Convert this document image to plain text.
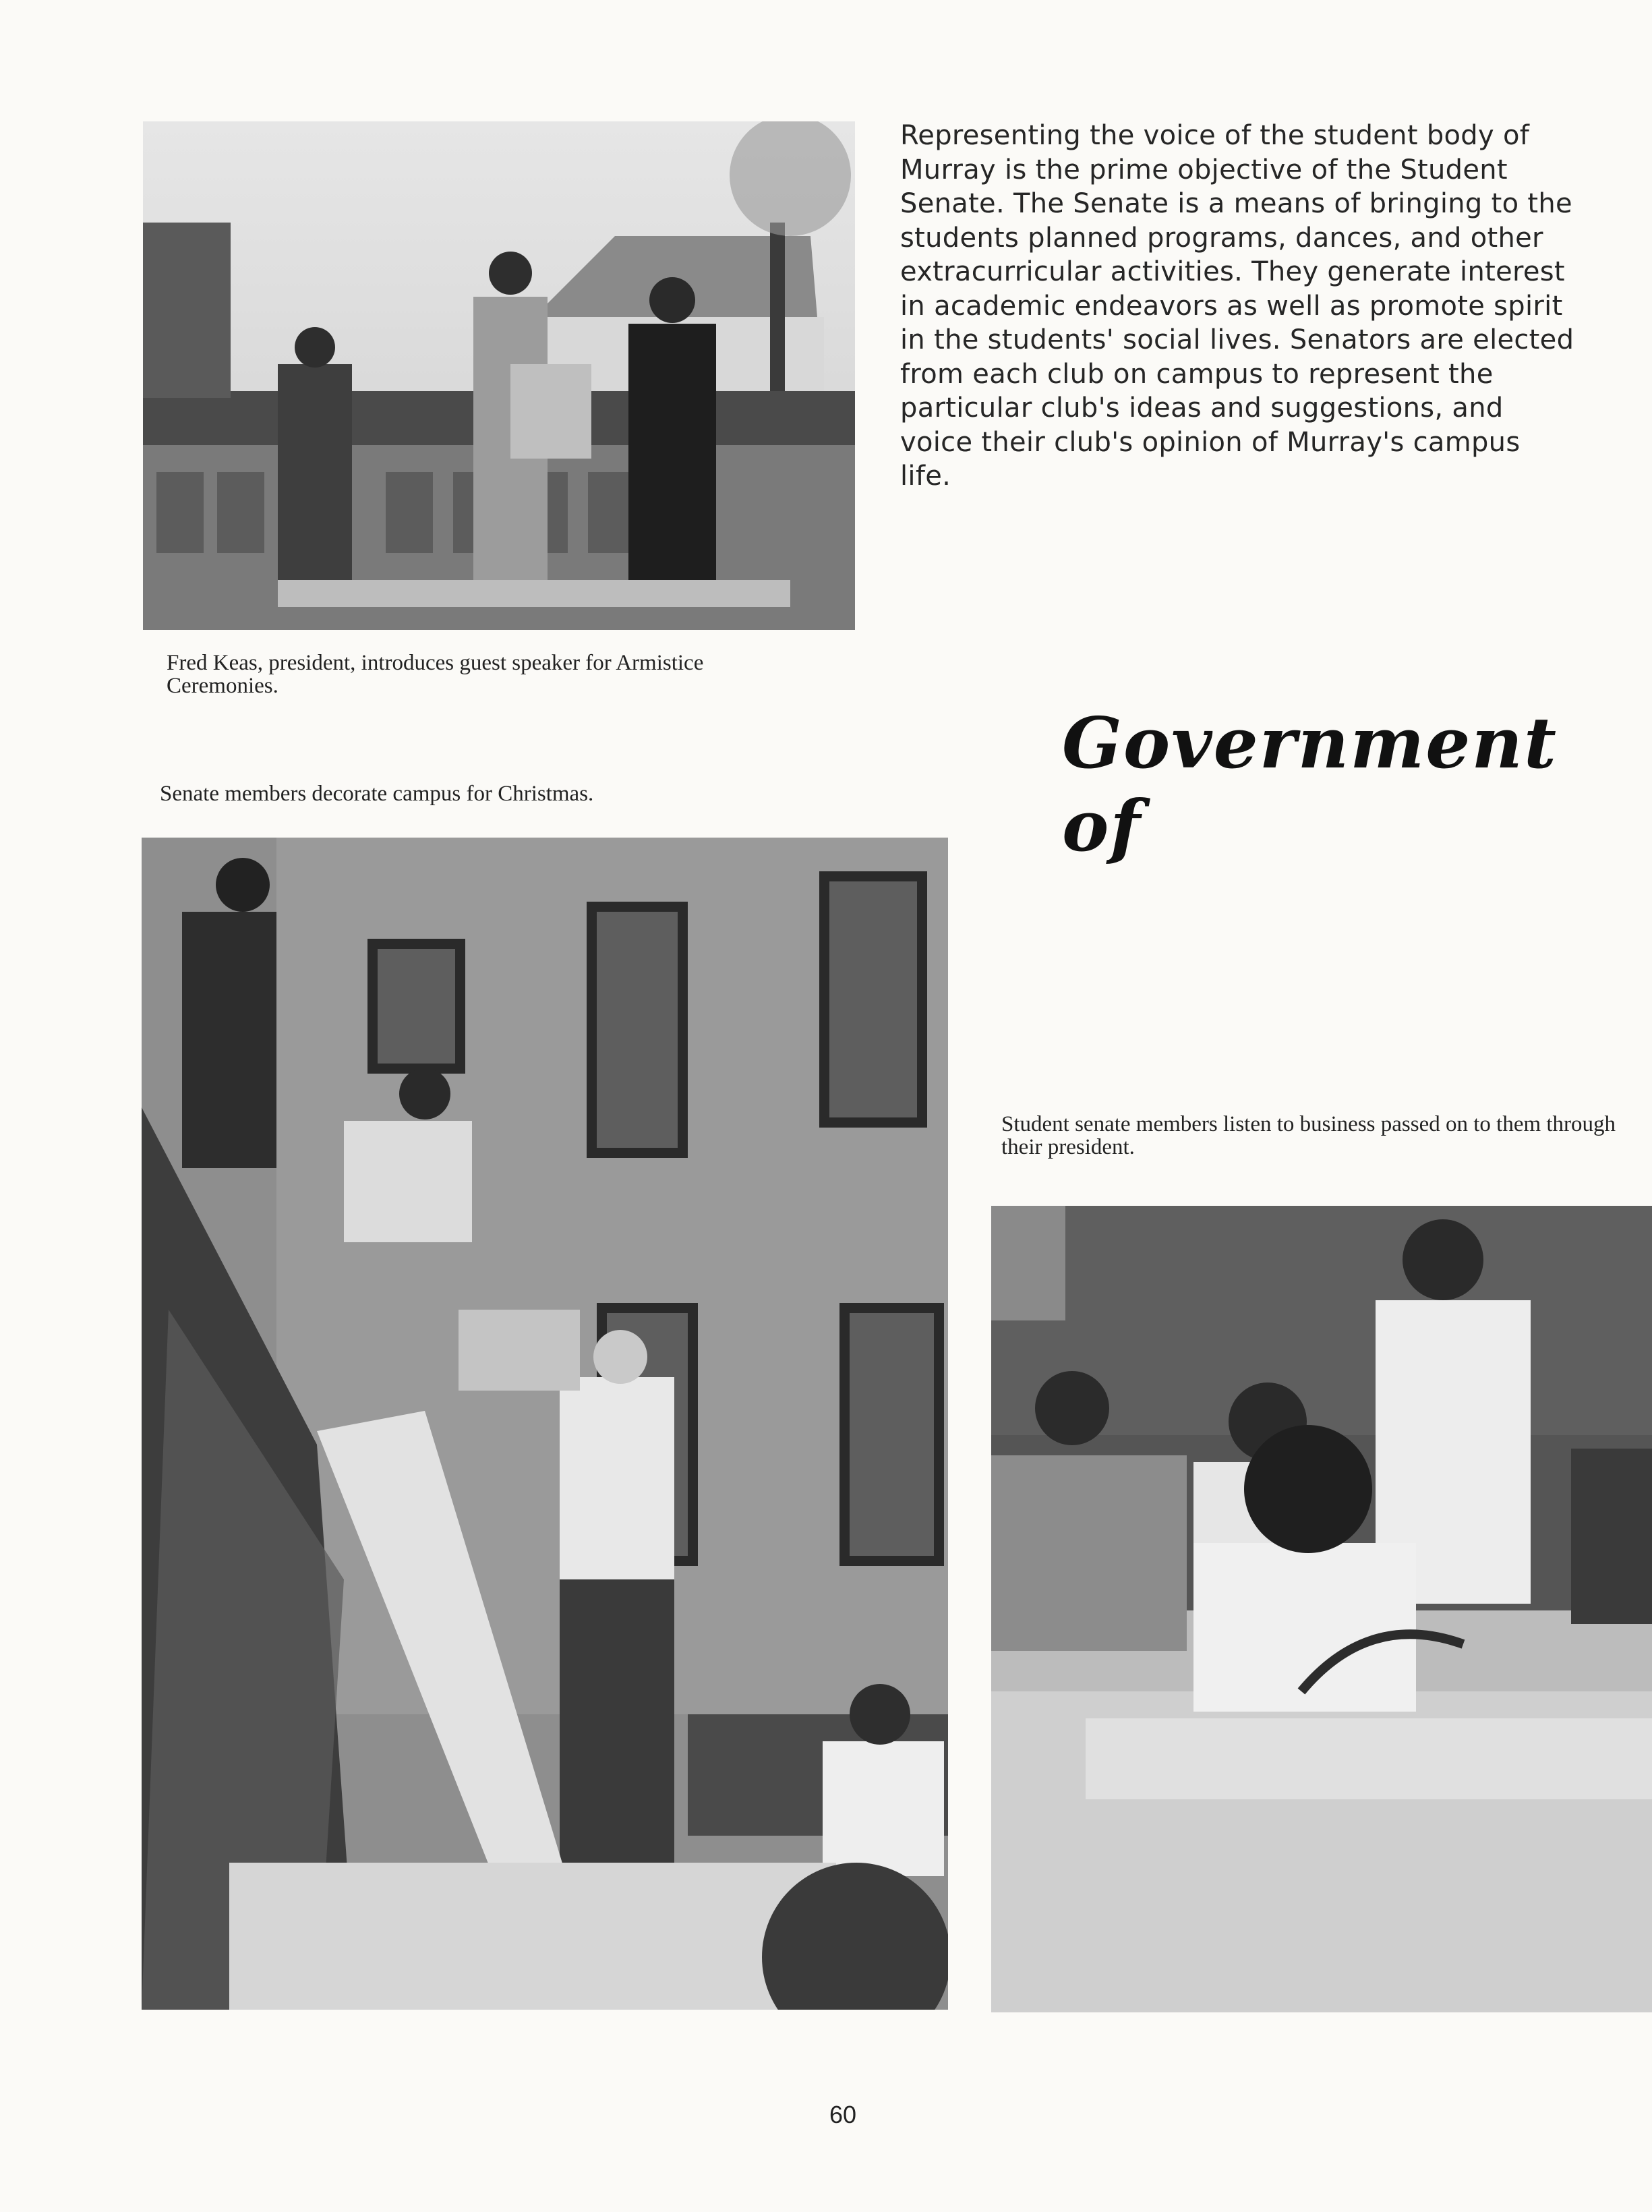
Fred Keas, president, introduces guest speaker for Armistice Ceremonies.

Representing the voice of the student body of Murray is the prime objective of the Student Senate. The Senate is a means of bringing to the students planned programs, dances, and other extracurricular activities. They generate interest in academic endeavors as well as promote spirit in the students' social lives. Senators are elected from each club on campus to represent the particular club's ideas and suggestions, and voice their club's opinion of Murray's campus life.

Government of

Senate members decorate campus for Christmas.

Student senate members listen to business passed on to them through their president.

60
